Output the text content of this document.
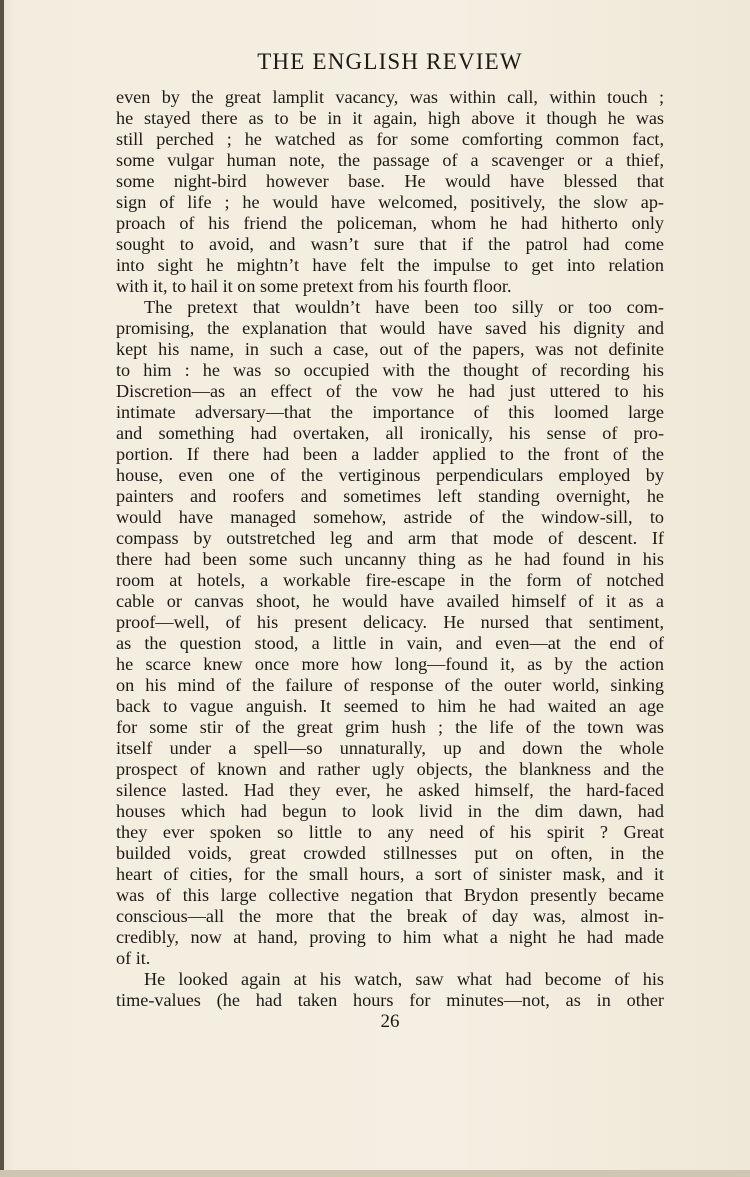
THE ENGLISH REVIEW
even by the great lamplit vacancy, was within call, within touch ;
he stayed there as to be in it again, high above it though he was
still perched ; he watched as for some comforting common fact,
some vulgar human note, the passage of a scavenger or a thief,
some night-bird however base. He would have blessed that
sign of life ; he would have welcomed, positively, the slow ap-
proach of his friend the policeman, whom he had hitherto only
sought to avoid, and wasn’t sure that if the patrol had come
into sight he mightn’t have felt the impulse to get into relation
with it, to hail it on some pretext from his fourth floor.
The pretext that wouldn’t have been too silly or too com-
promising, the explanation that would have saved his dignity and
kept his name, in such a case, out of the papers, was not definite
to him : he was so occupied with the thought of recording his
Discretion—as an effect of the vow he had just uttered to his
intimate adversary—that the importance of this loomed large
and something had overtaken, all ironically, his sense of pro-
portion. If there had been a ladder applied to the front of the
house, even one of the vertiginous perpendiculars employed by
painters and roofers and sometimes left standing overnight, he
would have managed somehow, astride of the window-sill, to
compass by outstretched leg and arm that mode of descent. If
there had been some such uncanny thing as he had found in his
room at hotels, a workable fire-escape in the form of notched
cable or canvas shoot, he would have availed himself of it as a
proof—well, of his present delicacy. He nursed that sentiment,
as the question stood, a little in vain, and even—at the end of
he scarce knew once more how long—found it, as by the action
on his mind of the failure of response of the outer world, sinking
back to vague anguish. It seemed to him he had waited an age
for some stir of the great grim hush ; the life of the town was
itself under a spell—so unnaturally, up and down the whole
prospect of known and rather ugly objects, the blankness and the
silence lasted. Had they ever, he asked himself, the hard-faced
houses which had begun to look livid in the dim dawn, had
they ever spoken so little to any need of his spirit ? Great
builded voids, great crowded stillnesses put on often, in the
heart of cities, for the small hours, a sort of sinister mask, and it
was of this large collective negation that Brydon presently became
conscious—all the more that the break of day was, almost in-
credibly, now at hand, proving to him what a night he had made
of it.
He looked again at his watch, saw what had become of his
time-values (he had taken hours for minutes—not, as in other
26
